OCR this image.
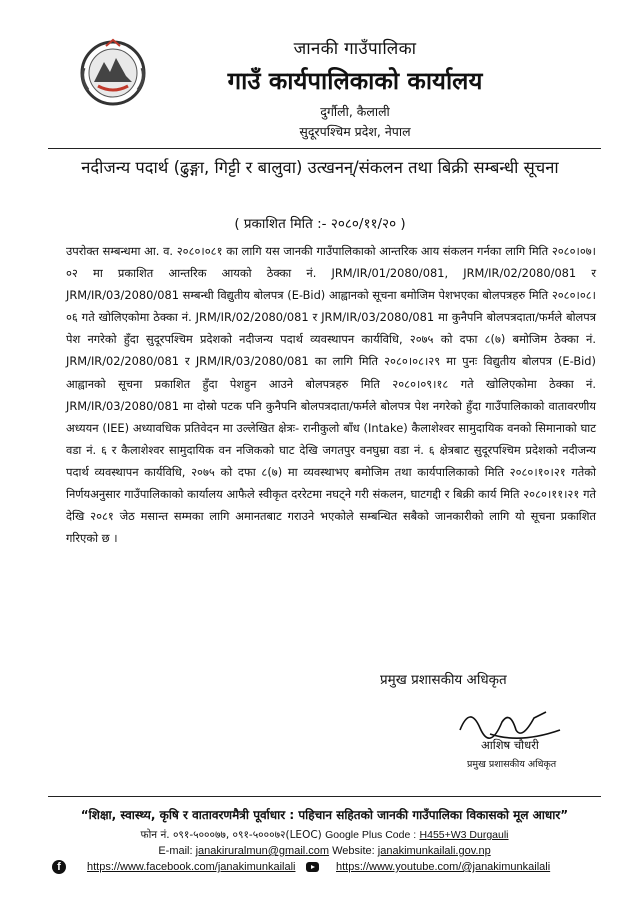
जानकी गाउँपालिका
गाउँ कार्यपालिकाको कार्यालय
दुर्गौली, कैलाली
सुदूरपश्चिम प्रदेश, नेपाल
नदीजन्य पदार्थ (ढुङ्गा, गिट्टी र बालुवा) उत्खनन्/संकलन तथा बिक्री सम्बन्धी सूचना
( प्रकाशित मिति :- २०८०/११/२० )

उपरोक्त सम्बन्धमा आ. व. २०८०।०८१ का लागि यस जानकी गाउँपालिकाको आन्तरिक आय संकलन गर्नका लागि मिति २०८०।०७।०२ मा प्रकाशित आन्तरिक आयको ठेक्का नं. JRM/IR/01/2080/081, JRM/IR/02/2080/081 र JRM/IR/03/2080/081 सम्बन्धी विद्युतीय बोलपत्र (E-Bid) आह्वानको सूचना बमोजिम पेशभएका बोलपत्रहरु मिति २०८०।०८।०६ गते खोलिएकोमा ठेक्का नं. JRM/IR/02/2080/081 र JRM/IR/03/2080/081 मा कुनैपनि बोलपत्रदाता/फर्मले बोलपत्र पेश नगरेको हुँदा सुदूरपश्चिम प्रदेशको नदीजन्य पदार्थ व्यवस्थापन कार्यविधि, २०७५ को दफा ८(७) बमोजिम ठेक्का नं. JRM/IR/02/2080/081 र JRM/IR/03/2080/081 का लागि मिति २०८०।०८।२९ मा पुनः विद्युतीय बोलपत्र (E-Bid) आह्वानको सूचना प्रकाशित हुँदा पेशहुन आउने बोलपत्रहरु मिति २०८०।०९।१८ गते खोलिएकोमा ठेक्का नं. JRM/IR/03/2080/081 मा दोस्रो पटक पनि कुनैपनि बोलपत्रदाता/फर्मले बोलपत्र पेश नगरेको हुँदा गाउँपालिकाको वातावरणीय अध्ययन (IEE) अध्यावधिक प्रतिवेदन मा उल्लेखित क्षेत्रः- रानीकुलो बाँध (Intake) कैलाशेश्वर सामुदायिक वनको सिमानाको घाट वडा नं. ६ र कैलाशेश्वर सामुदायिक वन नजिकको घाट देखि जगतपुर वनघुम्रा वडा नं. ६ क्षेत्रबाट सुदूरपश्चिम प्रदेशको नदीजन्य पदार्थ व्यवस्थापन कार्यविधि, २०७५ को दफा ८(७) मा व्यवस्थाभए बमोजिम तथा कार्यपालिकाको मिति २०८०।१०।२१ गतेको निर्णयअनुसार गाउँपालिकाको कार्यालय आफैले स्वीकृत दररेटमा नघट्ने गरी संकलन, घाटगद्दी र बिक्री कार्य मिति २०८०।११।२१ गते देखि २०८१ जेठ मसान्त सम्मका लागि अमानतबाट गराउने भएकोले सम्बन्धित सबैको जानकारीको लागि यो सूचना प्रकाशित गरिएको छ ।

प्रमुख प्रशासकीय अधिकृत
आशिष चौधरी
प्रमुख प्रशासकीय अधिकृत
“शिक्षा, स्वास्थ्य, कृषि र वातावरणमैत्री पूर्वाधार : पहिचान सहितको जानकी गाउँपालिका विकासको मूल आधार”
फोन नं. ०९१-५०००७७, ०९१-५०००७२(LEOC) Google Plus Code : H455+W3 Durgauli
E-mail: janakiruralmun@gmail.com Website: janakimunkailali.gov.np
f	https://www.facebook.com/janakimunkailali	https://www.youtube.com/@janakimunkailali
